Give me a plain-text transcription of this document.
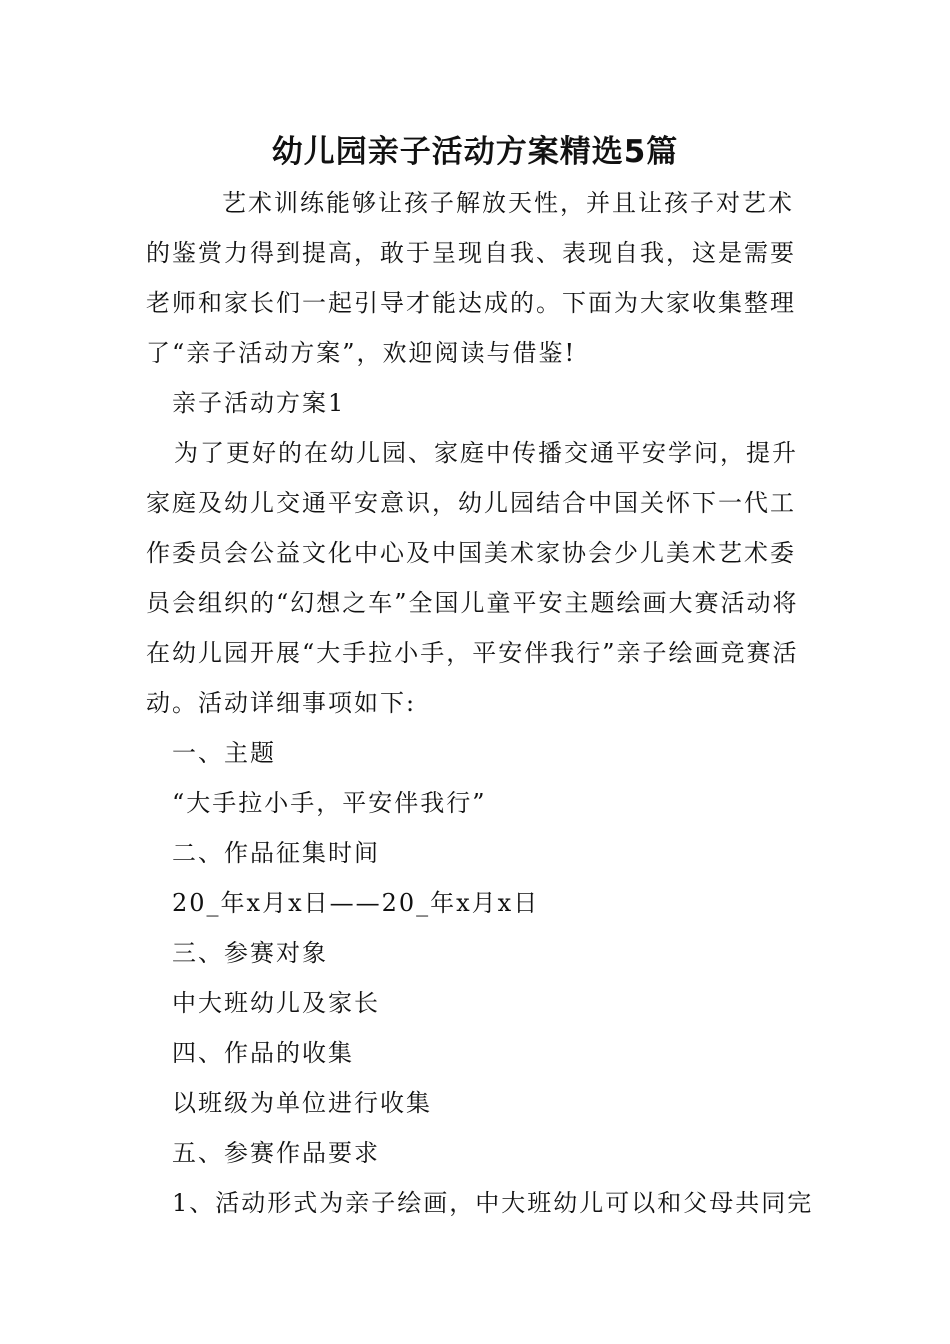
幼儿园亲子活动方案精选5篇

艺术训练能够让孩子解放天性，并且让孩子对艺术的鉴赏力得到提高，敢于呈现自我、表现自我，这是需要老师和家长们一起引导才能达成的。下面为大家收集整理了“亲子活动方案”，欢迎阅读与借鉴!

亲子活动方案1

为了更好的在幼儿园、家庭中传播交通平安学问，提升家庭及幼儿交通平安意识，幼儿园结合中国关怀下一代工作委员会公益文化中心及中国美术家协会少儿美术艺术委员会组织的“幻想之车”全国儿童平安主题绘画大赛活动将在幼儿园开展“大手拉小手，平安伴我行”亲子绘画竞赛活动。活动详细事项如下:

一、主题

“大手拉小手，平安伴我行”

二、作品征集时间

20_年x月x日——20_年x月x日

三、参赛对象

中大班幼儿及家长

四、作品的收集

以班级为单位进行收集

五、参赛作品要求

1、活动形式为亲子绘画，中大班幼儿可以和父母共同完
